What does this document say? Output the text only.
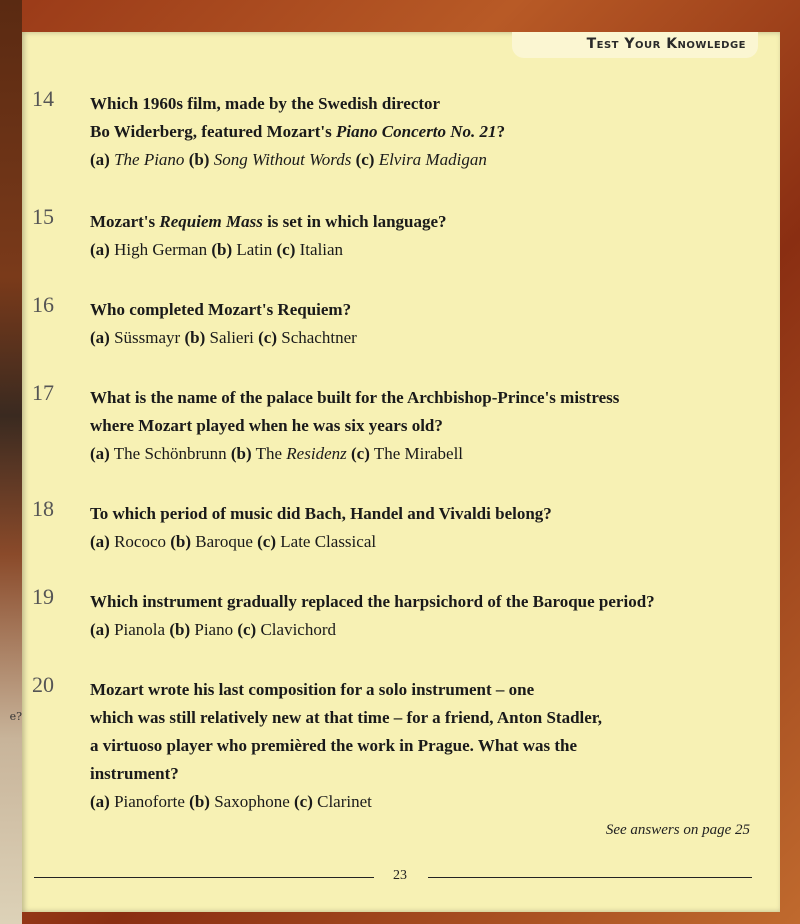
e?
Test Your Knowledge
14	Which 1960s film, made by the Swedish director
Bo Widerberg, featured Mozart's Piano Concerto No. 21?
(a) The Piano (b) Song Without Words (c) Elvira Madigan
15	Mozart's Requiem Mass is set in which language?
(a) High German (b) Latin (c) Italian
16	Who completed Mozart's Requiem?
(a) Süssmayr (b) Salieri (c) Schachtner
17	What is the name of the palace built for the Archbishop-Prince's mistress
where Mozart played when he was six years old?
(a) The Schönbrunn (b) The Residenz (c) The Mirabell
18	To which period of music did Bach, Handel and Vivaldi belong?
(a) Rococo (b) Baroque (c) Late Classical
19	Which instrument gradually replaced the harpsichord of the Baroque period?
(a) Pianola (b) Piano (c) Clavichord
20	Mozart wrote his last composition for a solo instrument – one
which was still relatively new at that time – for a friend, Anton Stadler,
a virtuoso player who premièred the work in Prague. What was the
instrument?
(a) Pianoforte (b) Saxophone (c) Clarinet
See answers on page 25
23
